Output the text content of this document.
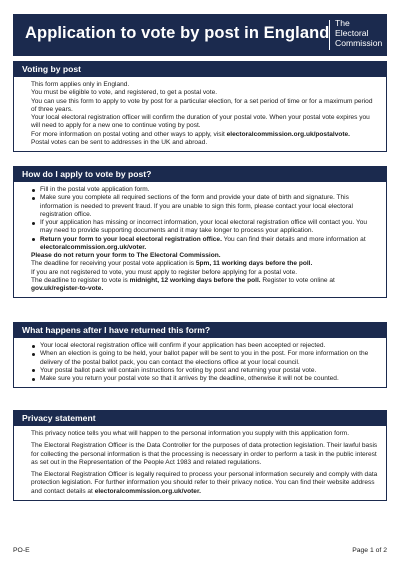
Application to vote by post in England
The
Electoral
Commission
Voting by post

This form applies only in England.

You must be eligible to vote, and registered, to get a postal vote.

You can use this form to apply to vote by post for a particular election, for a set period of time or for a maximum period of three years.

Your local electoral registration officer will confirm the duration of your postal vote. When your postal vote expires you will need to apply for a new one to continue voting by post.

For more information on postal voting and other ways to apply, visit electoralcommission.org.uk/postalvote.

Postal votes can be sent to addresses in the UK and abroad.

How do I apply to vote by post?
Fill in the postal vote application form.
Make sure you complete all required sections of the form and provide your date of birth and signature. This information is needed to prevent fraud. If you are unable to sign this form, please contact your local electoral registration office.
If your application has missing or incorrect information, your local electoral registration office will contact you. You may need to provide supporting documents and it may take longer to process your application.
Return your form to your local electoral registration office. You can find their details and more information at electoralcommission.org.uk/voter.

Please do not return your form to The Electoral Commission.

The deadline for receiving your postal vote application is 5pm, 11 working days before the poll.

If you are not registered to vote, you must apply to register before applying for a postal vote.

The deadline to register to vote is midnight, 12 working days before the poll. Register to vote online at gov.uk/register-to-vote.

What happens after I have returned this form?
Your local electoral registration office will confirm if your application has been accepted or rejected.
When an election is going to be held, your ballot paper will be sent to you in the post. For more information on the delivery of the postal ballot pack, you can contact the elections office at your local council.
Your postal ballot pack will contain instructions for voting by post and returning your postal vote.
Make sure you return your postal vote so that it arrives by the deadline, otherwise it will not be counted.
Privacy statement

This privacy notice tells you what will happen to the personal information you supply with this application form.

The Electoral Registration Officer is the Data Controller for the purposes of data protection legislation. Their lawful basis for collecting the personal information is that the processing is necessary in order to perform a task in the public interest as set out in the Representation of the People Act 1983 and related regulations.

The Electoral Registration Officer is legally required to process your personal information securely and comply with data protection legislation. For further information you should refer to their privacy notice. You can find their website address and contact details at electoralcommission.org.uk/voter.

PO-E	Page 1 of 2
